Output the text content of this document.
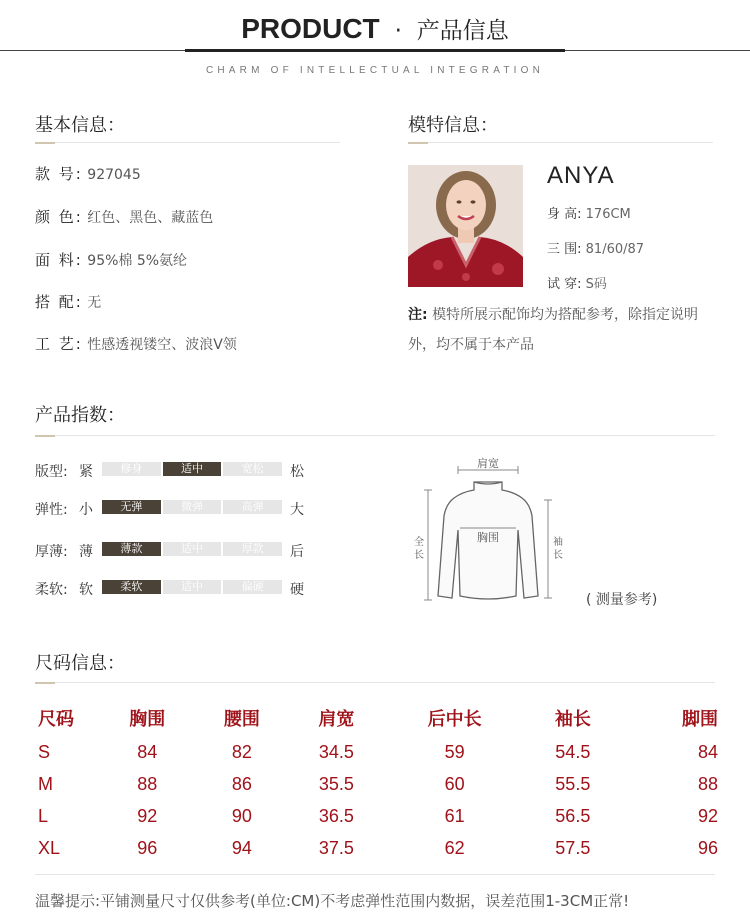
PRODUCT · 产品信息
CHARM OF INTELLECTUAL INTEGRATION
基本信息：
款 号: 927045
颜 色: 红色、黑色、藏蓝色
面 料: 95%棉 5%氨纶
搭 配: 无
工 艺: 性感透视镂空、波浪V领
模特信息：
ANYA
身 高: 176CM
三 围: 81/60/87
试 穿: S码
注: 模特所展示配饰均为搭配参考，除指定说明外，均不属于本产品
产品指数：
版型: 紧	修身	适中	宽松	松
弹性: 小	无弹	微弹	高弹	大
厚薄: 薄	薄款	适中	厚款	后
柔软: 软	柔软	适中	偏硬	硬
肩宽
胸围
全长
袖长
( 测量参考)
尺码信息：
尺码	胸围	腰围	肩宽	后中长	袖长	脚围
S	84	82	34.5	59	54.5	84
M	88	86	35.5	60	55.5	88
L	92	90	36.5	61	56.5	92
XL	96	94	37.5	62	57.5	96
温馨提示:平铺测量尺寸仅供参考(单位:CM)不考虑弹性范围内数据，误差范围1-3CM正常!
